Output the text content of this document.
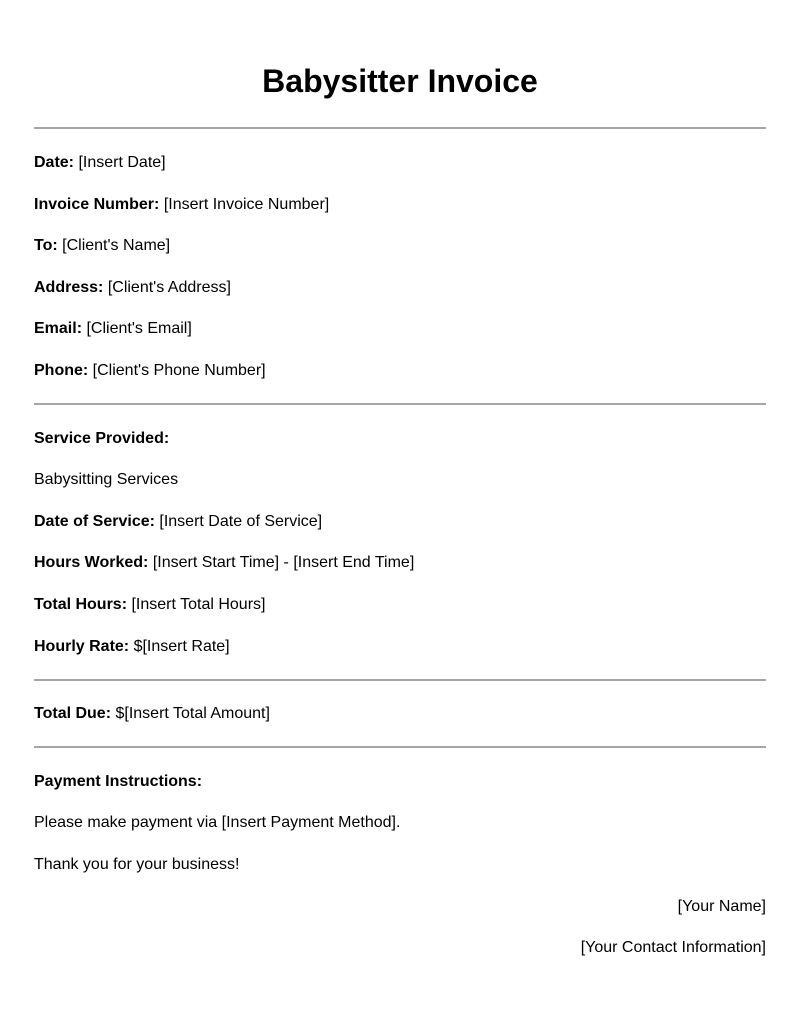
Babysitter Invoice
Date: [Insert Date]
Invoice Number: [Insert Invoice Number]
To: [Client's Name]
Address: [Client's Address]
Email: [Client's Email]
Phone: [Client's Phone Number]
Service Provided:
Babysitting Services
Date of Service: [Insert Date of Service]
Hours Worked: [Insert Start Time] - [Insert End Time]
Total Hours: [Insert Total Hours]
Hourly Rate: $[Insert Rate]
Total Due: $[Insert Total Amount]
Payment Instructions:
Please make payment via [Insert Payment Method].
Thank you for your business!
[Your Name]
[Your Contact Information]
